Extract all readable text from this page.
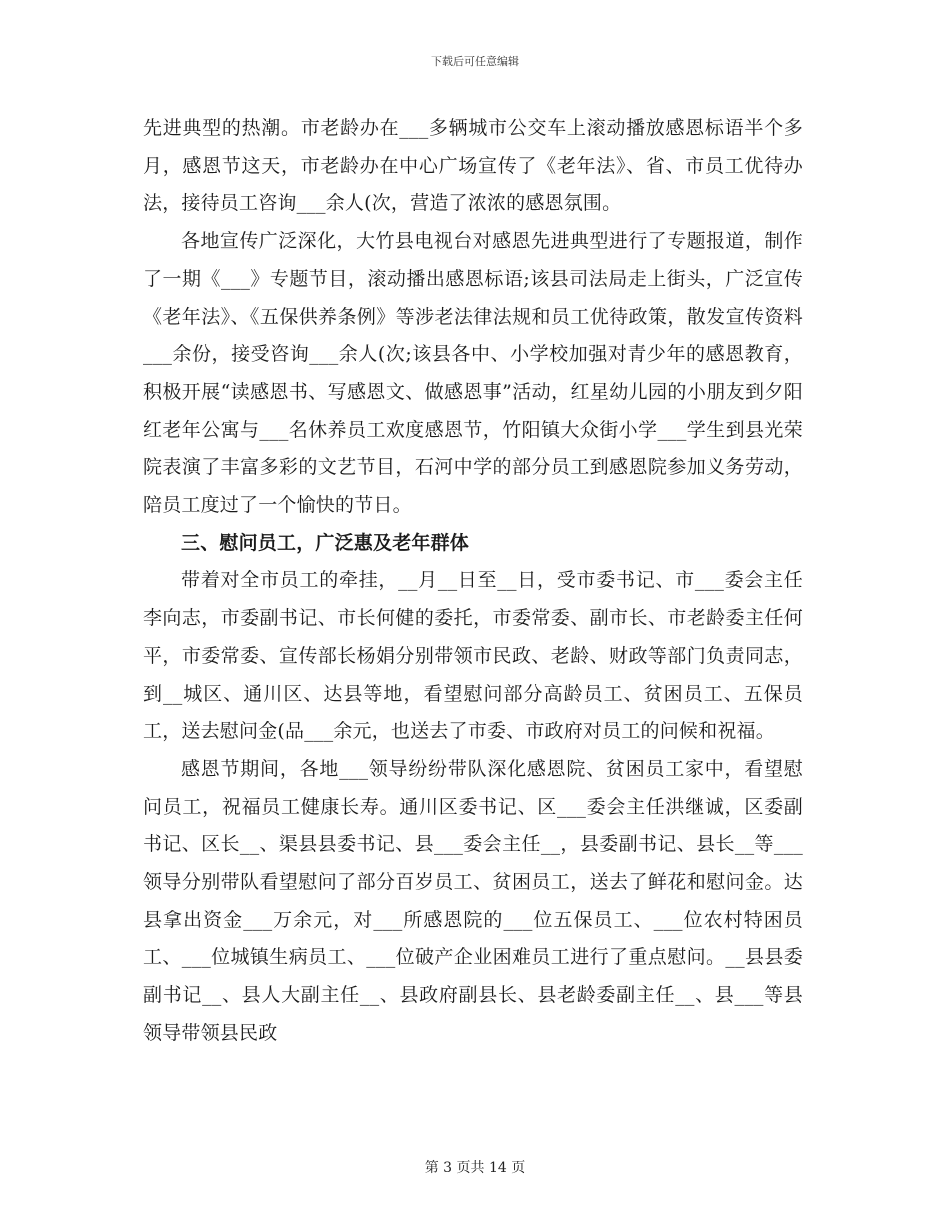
下载后可任意编辑

先进典型的热潮。市老龄办在___多辆城市公交车上滚动播放感恩标语半个多月，感恩节这天，市老龄办在中心广场宣传了《老年法》、省、市员工优待办法，接待员工咨询___余人(次，营造了浓浓的感恩氛围。

各地宣传广泛深化，大竹县电视台对感恩先进典型进行了专题报道，制作了一期《___》专题节目，滚动播出感恩标语;该县司法局走上街头，广泛宣传《老年法》、《五保供养条例》等涉老法律法规和员工优待政策，散发宣传资料___余份，接受咨询___余人(次;该县各中、小学校加强对青少年的感恩教育，积极开展“读感恩书、写感恩文、做感恩事”活动，红星幼儿园的小朋友到夕阳红老年公寓与___名休养员工欢度感恩节，竹阳镇大众街小学___学生到县光荣院表演了丰富多彩的文艺节目，石河中学的部分员工到感恩院参加义务劳动，陪员工度过了一个愉快的节日。

三、慰问员工，广泛惠及老年群体

带着对全市员工的牵挂，__月__日至__日，受市委书记、市___委会主任李向志，市委副书记、市长何健的委托，市委常委、副市长、市老龄委主任何平，市委常委、宣传部长杨娟分别带领市民政、老龄、财政等部门负责同志，到__城区、通川区、达县等地，看望慰问部分高龄员工、贫困员工、五保员工，送去慰问金(品___余元，也送去了市委、市政府对员工的问候和祝福。

感恩节期间，各地___领导纷纷带队深化感恩院、贫困员工家中，看望慰问员工，祝福员工健康长寿。通川区委书记、区___委会主任洪继诚，区委副书记、区长__、渠县县委书记、县___委会主任__，县委副书记、县长__等___领导分别带队看望慰问了部分百岁员工、贫困员工，送去了鲜花和慰问金。达县拿出资金___万余元，对___所感恩院的___位五保员工、___位农村特困员工、___位城镇生病员工、___位破产企业困难员工进行了重点慰问。__县县委副书记__、县人大副主任__、县政府副县长、县老龄委副主任__、县___等县领导带领县民政

第 3 页共 14 页
